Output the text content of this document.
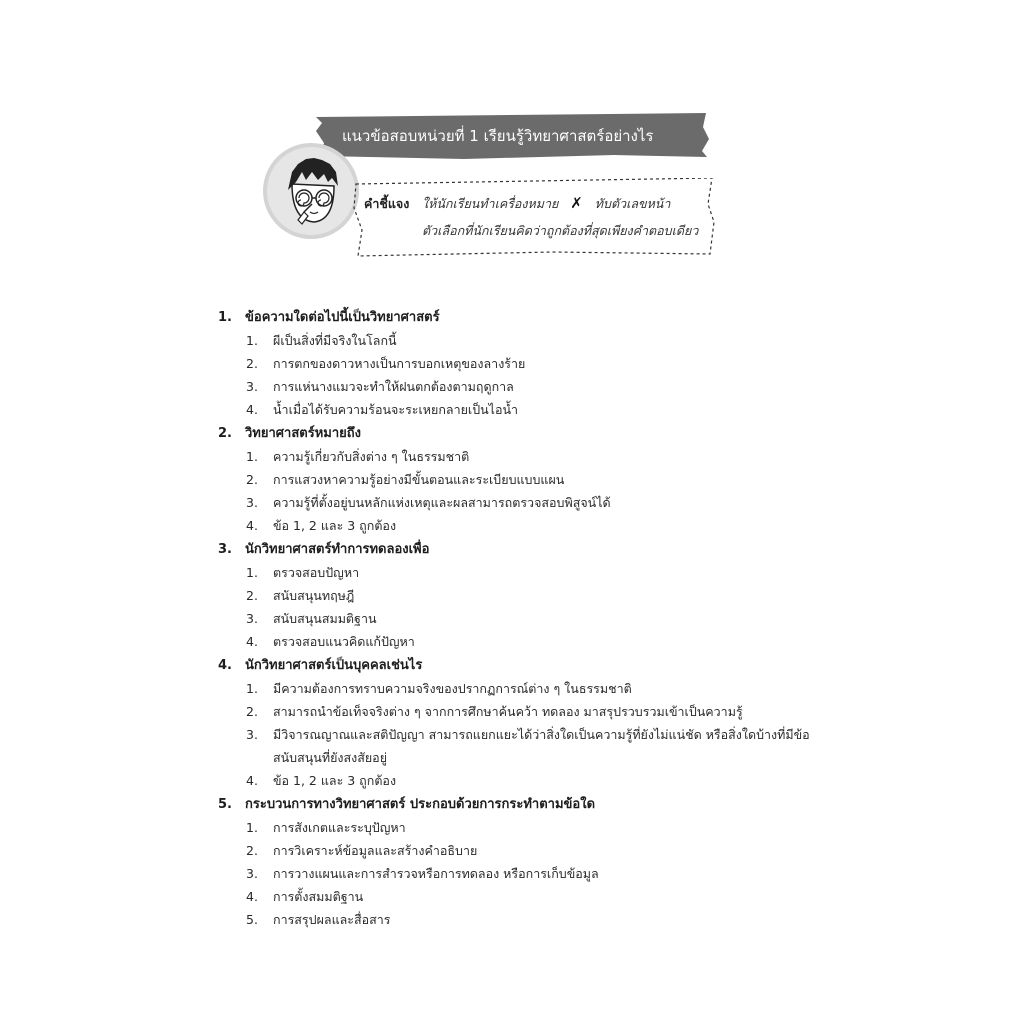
แนวข้อสอบหน่วยที่ 1 เรียนรู้วิทยาศาสตร์อย่างไร
คำชี้แจง ให้นักเรียนทำเครื่องหมาย ✗ ทับตัวเลขหน้า
ตัวเลือกที่นักเรียนคิดว่าถูกต้องที่สุดเพียงคำตอบเดียว
1. ข้อความใดต่อไปนี้เป็นวิทยาศาสตร์
1. ผีเป็นสิ่งที่มีจริงในโลกนี้
2. การตกของดาวหางเป็นการบอกเหตุของลางร้าย
3. การแห่นางแมวจะทำให้ฝนตกต้องตามฤดูกาล
4. น้ำเมื่อได้รับความร้อนจะระเหยกลายเป็นไอน้ำ
2. วิทยาศาสตร์หมายถึง
1. ความรู้เกี่ยวกับสิ่งต่าง ๆ ในธรรมชาติ
2. การแสวงหาความรู้อย่างมีขั้นตอนและระเบียบแบบแผน
3. ความรู้ที่ตั้งอยู่บนหลักแห่งเหตุและผลสามารถตรวจสอบพิสูจน์ได้
4. ข้อ 1, 2 และ 3 ถูกต้อง
3. นักวิทยาศาสตร์ทำการทดลองเพื่อ
1. ตรวจสอบปัญหา
2. สนับสนุนทฤษฎี
3. สนับสนุนสมมติฐาน
4. ตรวจสอบแนวคิดแก้ปัญหา
4. นักวิทยาศาสตร์เป็นบุคคลเช่นไร
1. มีความต้องการทราบความจริงของปรากฏการณ์ต่าง ๆ ในธรรมชาติ
2. สามารถนำข้อเท็จจริงต่าง ๆ จากการศึกษาค้นคว้า ทดลอง มาสรุปรวบรวมเข้าเป็นความรู้
3. มีวิจารณญาณและสติปัญญา สามารถแยกแยะได้ว่าสิ่งใดเป็นความรู้ที่ยังไม่แน่ชัด หรือสิ่งใดบ้างที่มีข้อสนับสนุนที่ยังสงสัยอยู่
4. ข้อ 1, 2 และ 3 ถูกต้อง
5. กระบวนการทางวิทยาศาสตร์ ประกอบด้วยการกระทำตามข้อใด
1. การสังเกตและระบุปัญหา
2. การวิเคราะห์ข้อมูลและสร้างคำอธิบาย
3. การวางแผนและการสำรวจหรือการทดลอง หรือการเก็บข้อมูล
4. การตั้งสมมติฐาน
5. การสรุปผลและสื่อสาร
